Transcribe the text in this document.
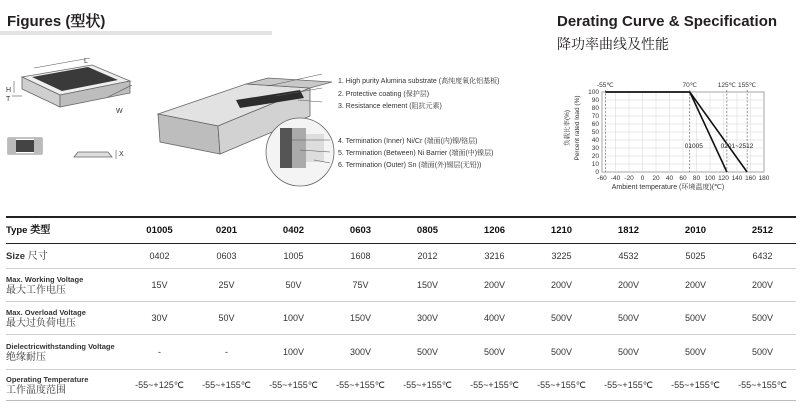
Figures (型状)	Derating Curve & Specification
降功率曲线及性能
L
W
H
T
X
1. High purity Alumina substrate (高纯度氧化铝基板)
2. Protective coating (保护层)
3. Resistance element (阻抗元素)
4. Termination (Inner) Ni/Cr (端面(内)镍/铬层)
5. Termination (Between) Ni Barrier (端面(中)镍层)
6. Termination (Outer) Sn (端面(外)锡层(无铅))
-60 -40 -20 0 20 40 60 80 100 120 140 160 180
0
10
20
30
40
50
60
70
80
90
100
01005	0201~2512
-55℃	70℃	125℃ 155℃
Ambient temperature (环境温度)(℃)
负载比率(%) Percent rated load (%)
Type 类型	01005	0201	0402	0603	0805	1206	1210	1812	2010	2512
Size 尺寸	0402	0603	1005	1608	2012	3216	3225	4532	5025	6432

Max. Working Voltage
最大工作电压	15V	25V	50V	75V	150V	200V	200V	200V	200V	200V

Max. Overload Voltage
最大过负荷电压	30V	50V	100V	150V	300V	400V	500V	500V	500V	500V

Dielectricwithstanding Voltage
绝缘耐压	-	-	100V	300V	500V	500V	500V	500V	500V	500V

Operating Temperature
工作温度范围	-55~+125℃	-55~+155℃	-55~+155℃	-55~+155℃	-55~+155℃	-55~+155℃	-55~+155℃	-55~+155℃	-55~+155℃	-55~+155℃
